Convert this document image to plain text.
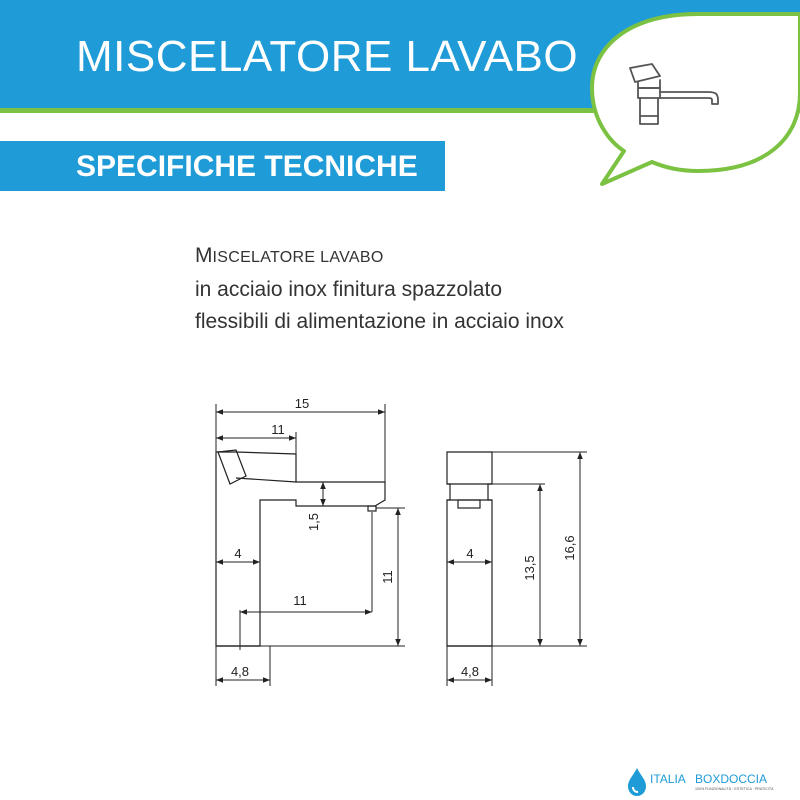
MISCELATORE LAVABO
SPECIFICHE TECNICHE
MISCELATORE LAVABO
in acciaio inox finitura spazzolato
flessibili di alimentazione in acciaio inox
15
11
1,5
4
11
11
4,8
4
13,5
16,6
4,8
ITALIA BOXDOCCIA
100% FUNZIONALITÀ · ESTETICA · PRATICITÀ
